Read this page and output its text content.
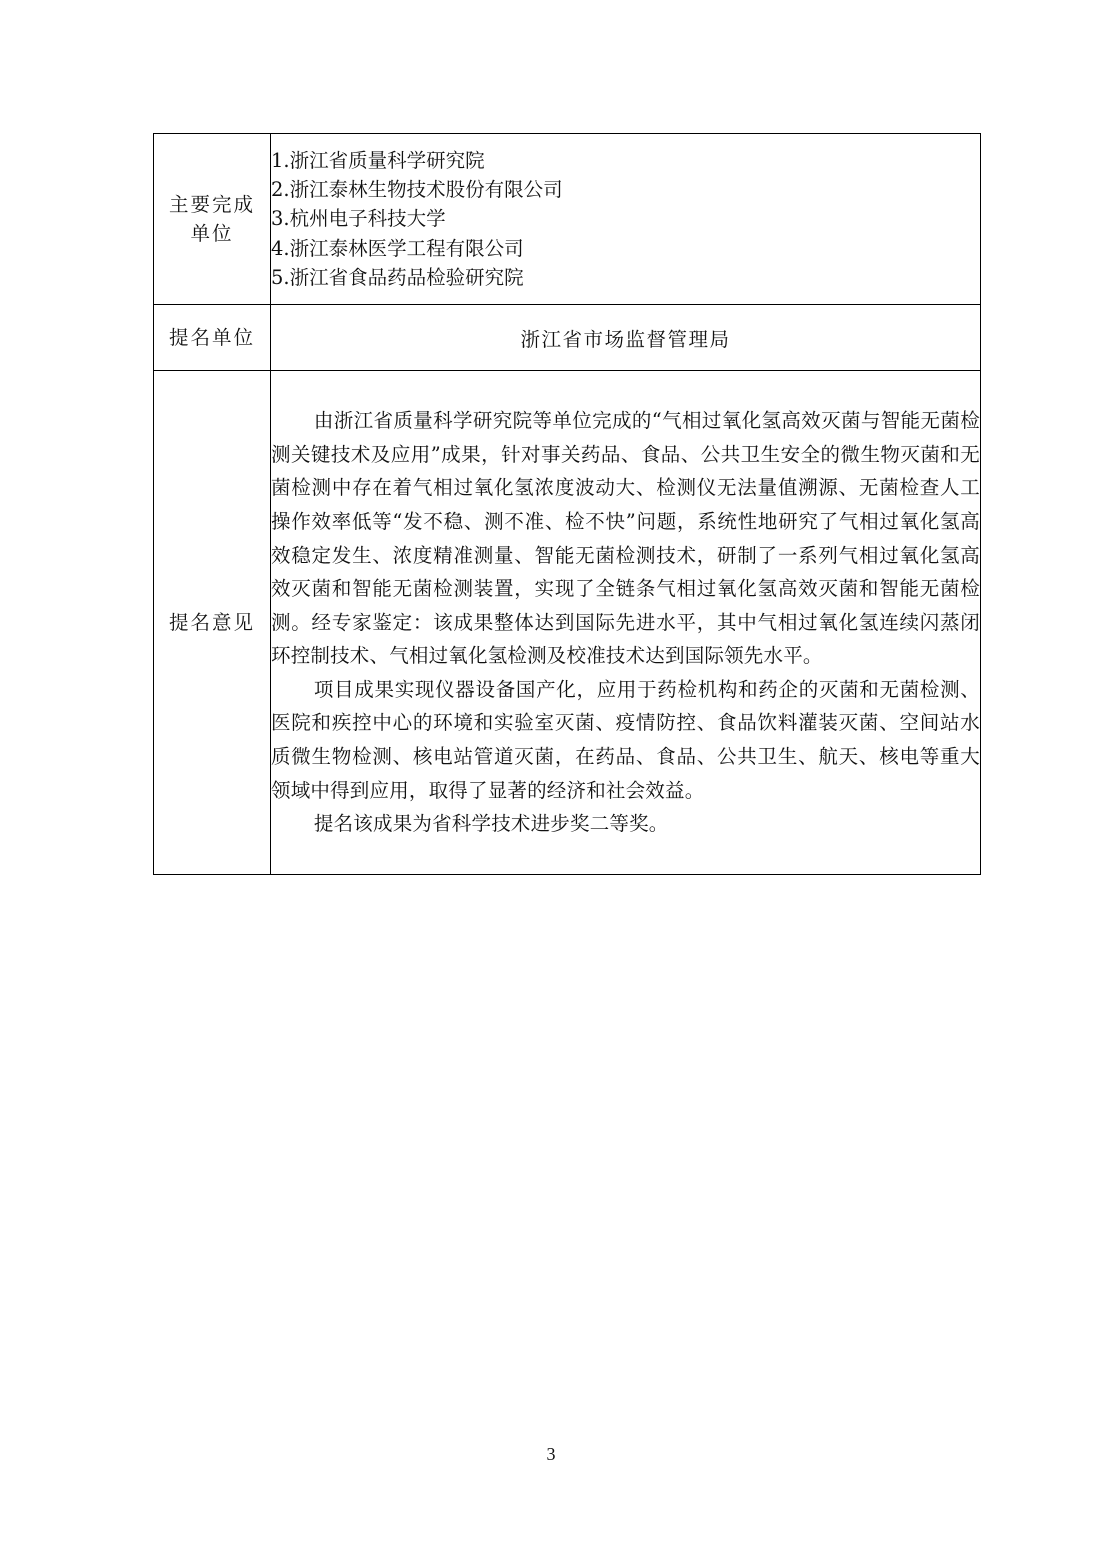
主要完成
单位	1.浙江省质量科学研究院
2.浙江泰林生物技术股份有限公司
3.杭州电子科技大学
4.浙江泰林医学工程有限公司
5.浙江省食品药品检验研究院

提名单位	浙江省市场监督管理局
提名意见	由浙江省质量科学研究院等单位完成的“气相过氧化氢高效灭菌与智能无菌检测关键技术及应用”成果，针对事关药品、食品、公共卫生安全的微生物灭菌和无菌检测中存在着气相过氧化氢浓度波动大、检测仪无法量值溯源、无菌检查人工操作效率低等“发不稳、测不准、检不快”问题，系统性地研究了气相过氧化氢高效稳定发生、浓度精准测量、智能无菌检测技术，研制了一系列气相过氧化氢高效灭菌和智能无菌检测装置，实现了全链条气相过氧化氢高效灭菌和智能无菌检测。经专家鉴定：该成果整体达到国际先进水平，其中气相过氧化氢连续闪蒸闭环控制技术、气相过氧化氢检测及校准技术达到国际领先水平。

项目成果实现仪器设备国产化，应用于药检机构和药企的灭菌和无菌检测、医院和疾控中心的环境和实验室灭菌、疫情防控、食品饮料灌装灭菌、空间站水质微生物检测、核电站管道灭菌，在药品、食品、公共卫生、航天、核电等重大领域中得到应用，取得了显著的经济和社会效益。

提名该成果为省科学技术进步奖二等奖。

3
